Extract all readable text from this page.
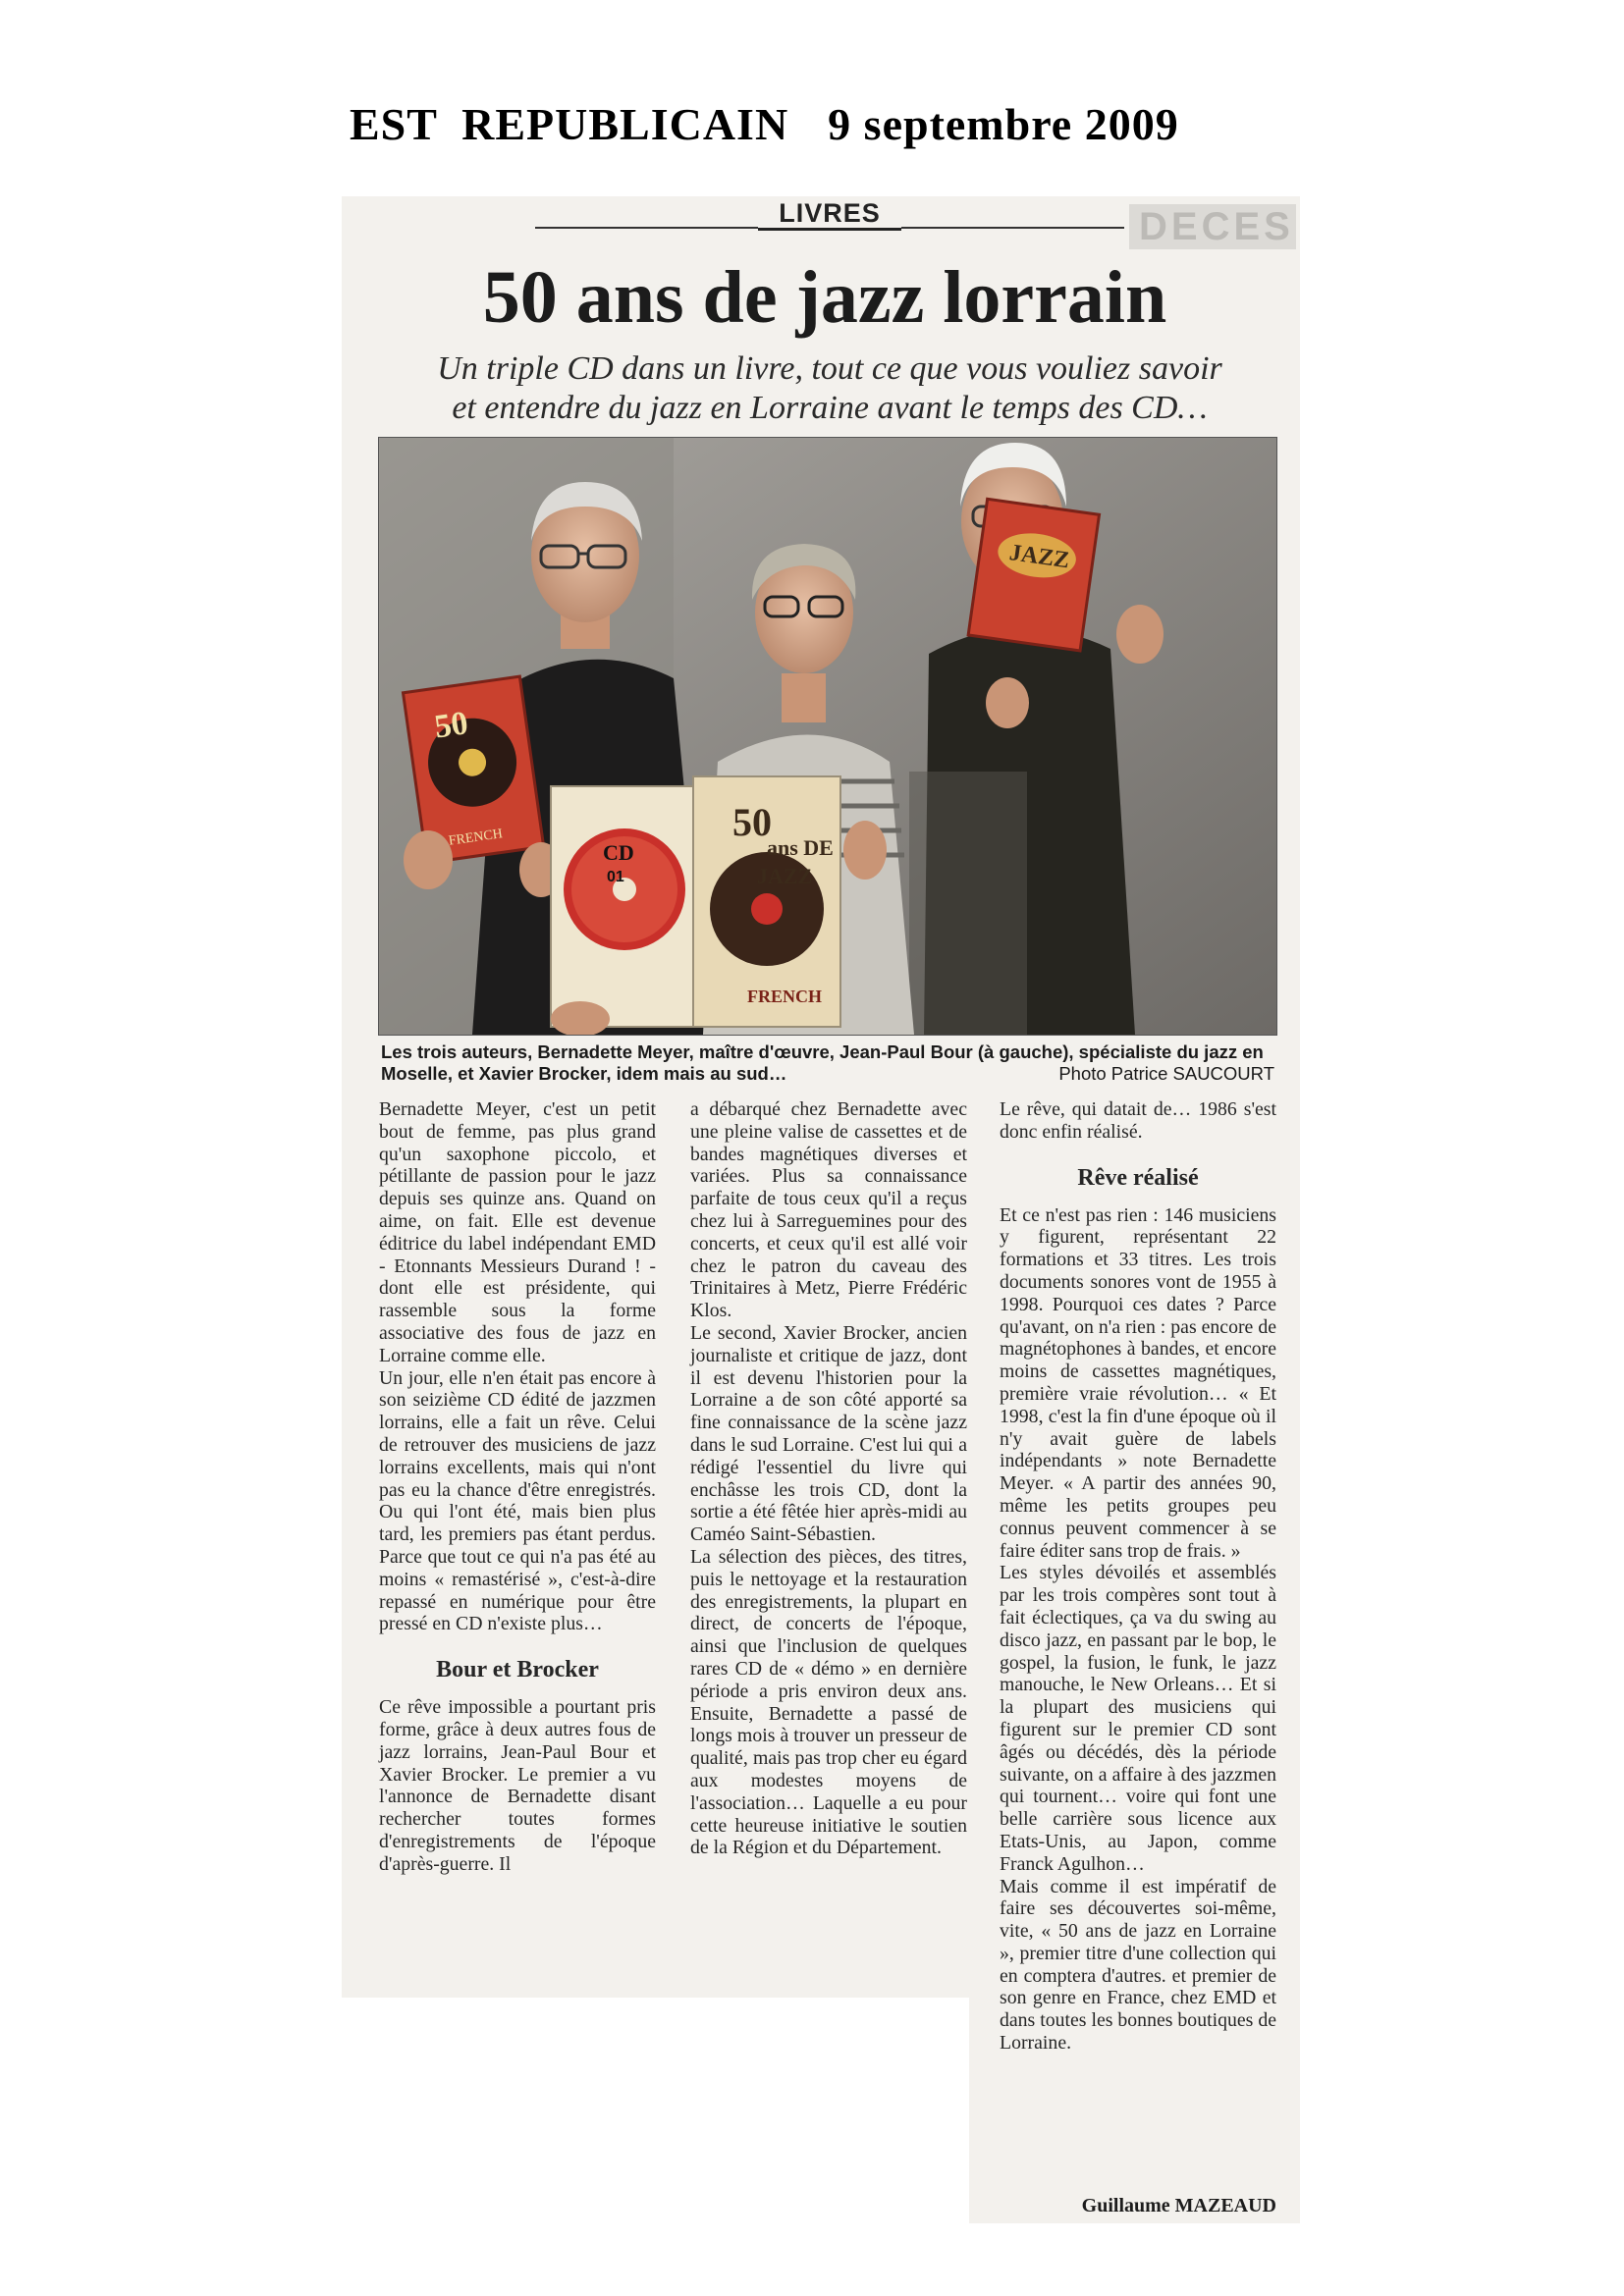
EST  REPUBLICAIN 9 septembre 2009
DECES
LIVRES
50 ans de jazz lorrain
Un triple CD dans un livre, tout ce que vous vouliez savoir
et entendre du jazz en Lorraine avant le temps des CD…
50
FRENCH
CD
01
50
ans DE
JAZZ
FRENCH
JAZZ
Les trois auteurs, Bernadette Meyer, maître d'œuvre, Jean-Paul Bour (à gauche), spécialiste du jazz en Moselle, et Xavier Brocker, idem mais au sud…	Photo Patrice SAUCOURT

Bernadette Meyer, c'est un petit bout de femme, pas plus grand qu'un saxophone piccolo, et pétillante de passion pour le jazz depuis ses quinze ans. Quand on aime, on fait. Elle est devenue éditrice du label indépendant EMD - Etonnants Messieurs Durand ! - dont elle est présidente, qui rassemble sous la forme associative des fous de jazz en Lorraine comme elle.

Un jour, elle n'en était pas encore à son seizième CD édité de jazzmen lorrains, elle a fait un rêve. Celui de retrouver des musiciens de jazz lorrains excellents, mais qui n'ont pas eu la chance d'être enregistrés. Ou qui l'ont été, mais bien plus tard, les premiers pas étant perdus. Parce que tout ce qui n'a pas été au moins « remastérisé », c'est-à-dire repassé en numérique pour être pressé en CD n'existe plus…

Bour et Brocker

Ce rêve impossible a pourtant pris forme, grâce à deux autres fous de jazz lorrains, Jean-Paul Bour et Xavier Brocker. Le premier a vu l'annonce de Bernadette disant rechercher toutes formes d'enregistrements de l'époque d'après-guerre. Il

a débarqué chez Bernadette avec une pleine valise de cassettes et de bandes magnétiques diverses et variées. Plus sa connaissance parfaite de tous ceux qu'il a reçus chez lui à Sarreguemines pour des concerts, et ceux qu'il est allé voir chez le patron du caveau des Trinitaires à Metz, Pierre Frédéric Klos.

Le second, Xavier Brocker, ancien journaliste et critique de jazz, dont il est devenu l'historien pour la Lorraine a de son côté apporté sa fine connaissance de la scène jazz dans le sud Lorraine. C'est lui qui a rédigé l'essentiel du livre qui enchâsse les trois CD, dont la sortie a été fêtée hier après-midi au Caméo Saint-Sébastien.

La sélection des pièces, des titres, puis le nettoyage et la restauration des enregistrements, la plupart en direct, de concerts de l'époque, ainsi que l'inclusion de quelques rares CD de « démo » en dernière période a pris environ deux ans. Ensuite, Bernadette a passé de longs mois à trouver un presseur de qualité, mais pas trop cher eu égard aux modestes moyens de l'association… Laquelle a eu pour cette heureuse initiative le soutien de la Région et du Département.

Le rêve, qui datait de… 1986 s'est donc enfin réalisé.

Rêve réalisé

Et ce n'est pas rien : 146 musiciens y figurent, représentant 22 formations et 33 titres. Les trois documents sonores vont de 1955 à 1998. Pourquoi ces dates ? Parce qu'avant, on n'a rien : pas encore de magnétophones à bandes, et encore moins de cassettes magnétiques, première vraie révolution… « Et 1998, c'est la fin d'une époque où il n'y avait guère de labels indépendants » note Bernadette Meyer. « A partir des années 90, même les petits groupes peu connus peuvent commencer à se faire éditer sans trop de frais. »

Les styles dévoilés et assemblés par les trois compères sont tout à fait éclectiques, ça va du swing au disco jazz, en passant par le bop, le gospel, la fusion, le funk, le jazz manouche, le New Orleans… Et si la plupart des musiciens qui figurent sur le premier CD sont âgés ou décédés, dès la période suivante, on a affaire à des jazzmen qui tournent… voire qui font une belle carrière sous licence aux Etats-Unis, au Japon, comme Franck Agulhon…

Mais comme il est impératif de faire ses découvertes soi-même, vite, « 50 ans de jazz en Lorraine », premier titre d'une collection qui en comptera d'autres. et premier de son genre en France, chez EMD et dans toutes les bonnes boutiques de Lorraine.

Guillaume MAZEAUD
